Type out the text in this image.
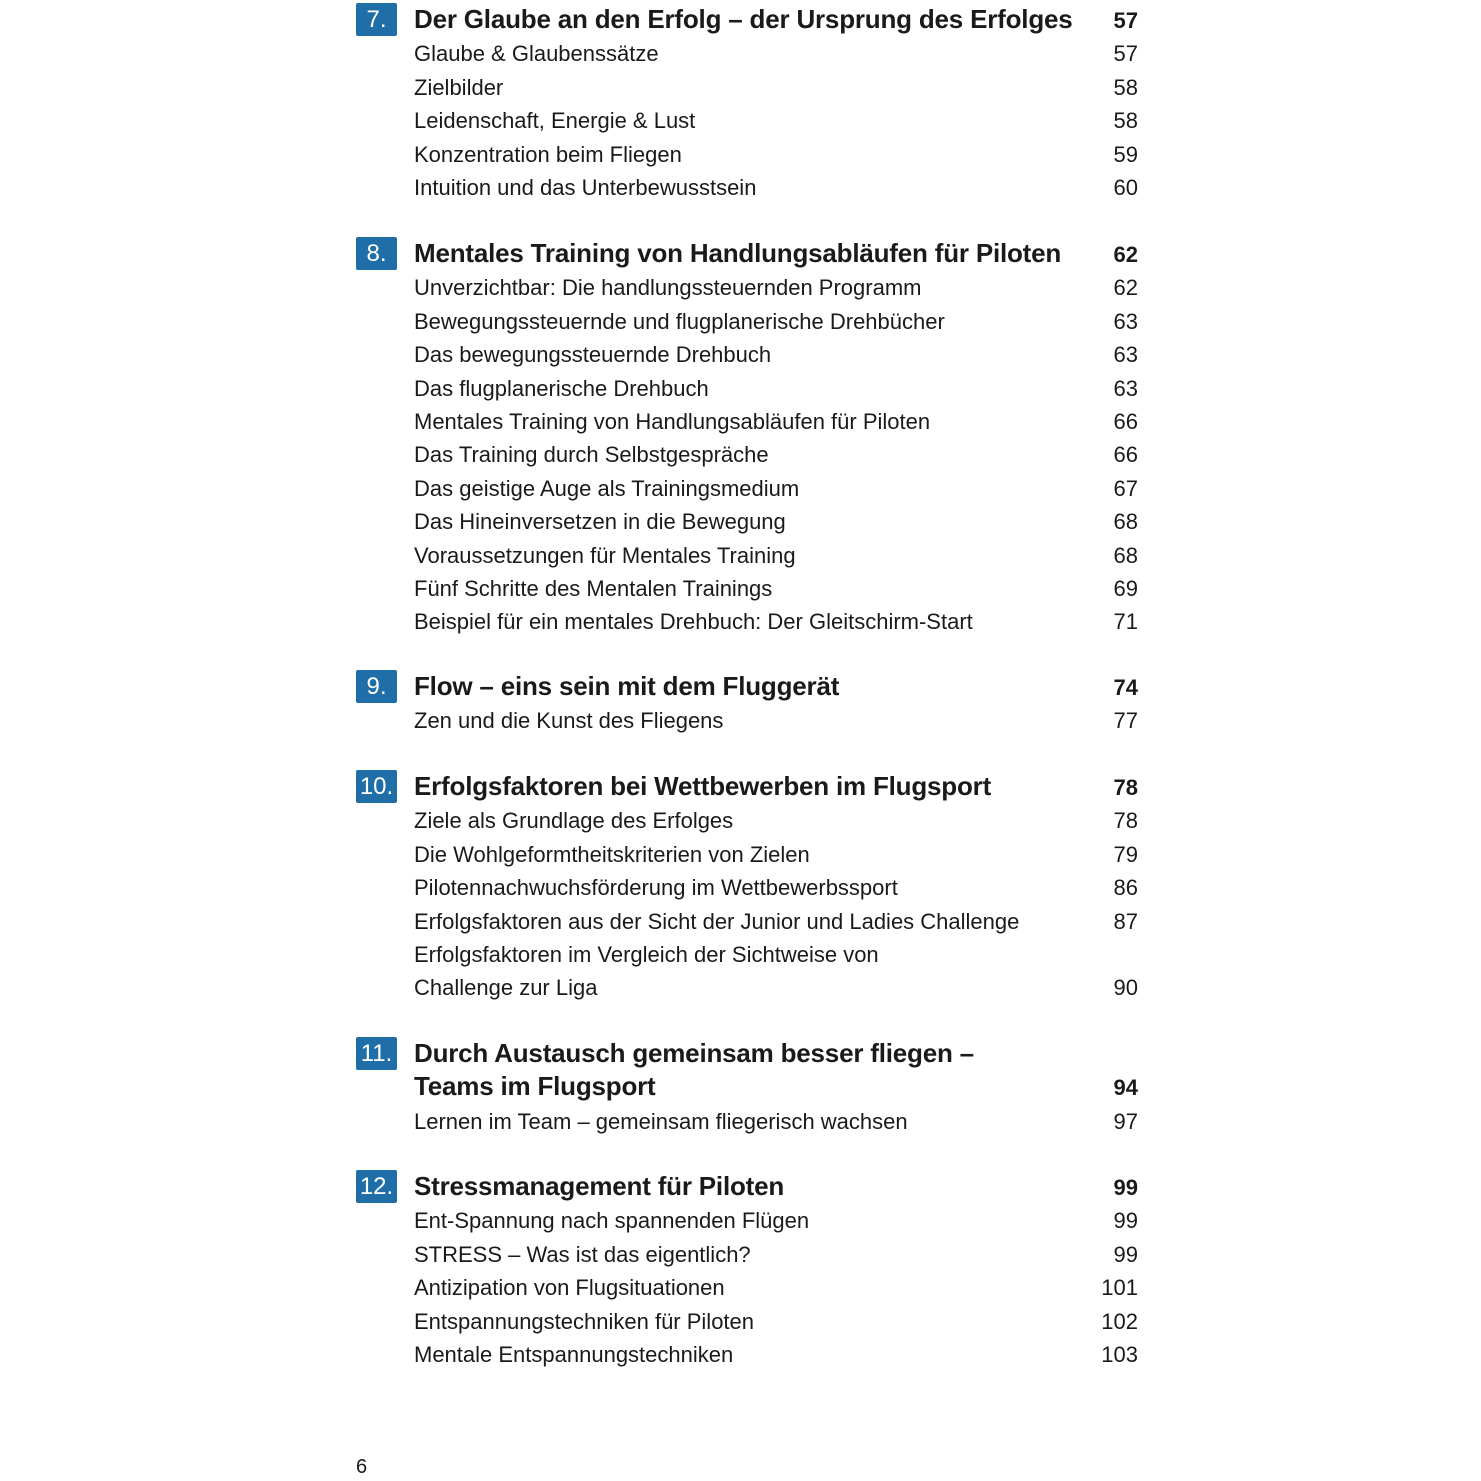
7.	Der Glaube an den Erfolg – der Ursprung des Erfolges 57
Glaube & Glaubenssätze	57
Zielbilder	58
Leidenschaft, Energie & Lust	58
Konzentration beim Fliegen	59
Intuition und das Unterbewusstsein	60
8.	Mentales Training von Handlungsabläufen für Piloten	62
Unverzichtbar: Die handlungssteuernden Programm	62
Bewegungssteuernde und flugplanerische Drehbücher	63
Das bewegungssteuernde Drehbuch	63
Das flugplanerische Drehbuch	63
Mentales Training von Handlungsabläufen für Piloten	66
Das Training durch Selbstgespräche	66
Das geistige Auge als Trainingsmedium	67
Das Hineinversetzen in die Bewegung	68
Voraussetzungen für Mentales Training	68
Fünf Schritte des Mentalen Trainings	69
Beispiel für ein mentales Drehbuch: Der Gleitschirm-Start	71
9.	Flow – eins sein mit dem Fluggerät	74
Zen und die Kunst des Fliegens	77
10. Erfolgsfaktoren bei Wettbewerben im Flugsport	78
Ziele als Grundlage des Erfolges	78
Die Wohlgeformtheitskriterien von Zielen	79
Pilotennachwuchsförderung im Wettbewerbssport	86
Erfolgsfaktoren aus der Sicht der Junior und Ladies Challenge	87
Erfolgsfaktoren im Vergleich der Sichtweise von
Challenge zur Liga	90
11. Durch Austausch gemeinsam besser fliegen –
Teams im Flugsport	94
Lernen im Team – gemeinsam fliegerisch wachsen	97
12. Stressmanagement für Piloten	99
Ent-Spannung nach spannenden Flügen	99
STRESS – Was ist das eigentlich?	99
Antizipation von Flugsituationen	101
Entspannungstechniken für Piloten	102
Mentale Entspannungstechniken	103
6
